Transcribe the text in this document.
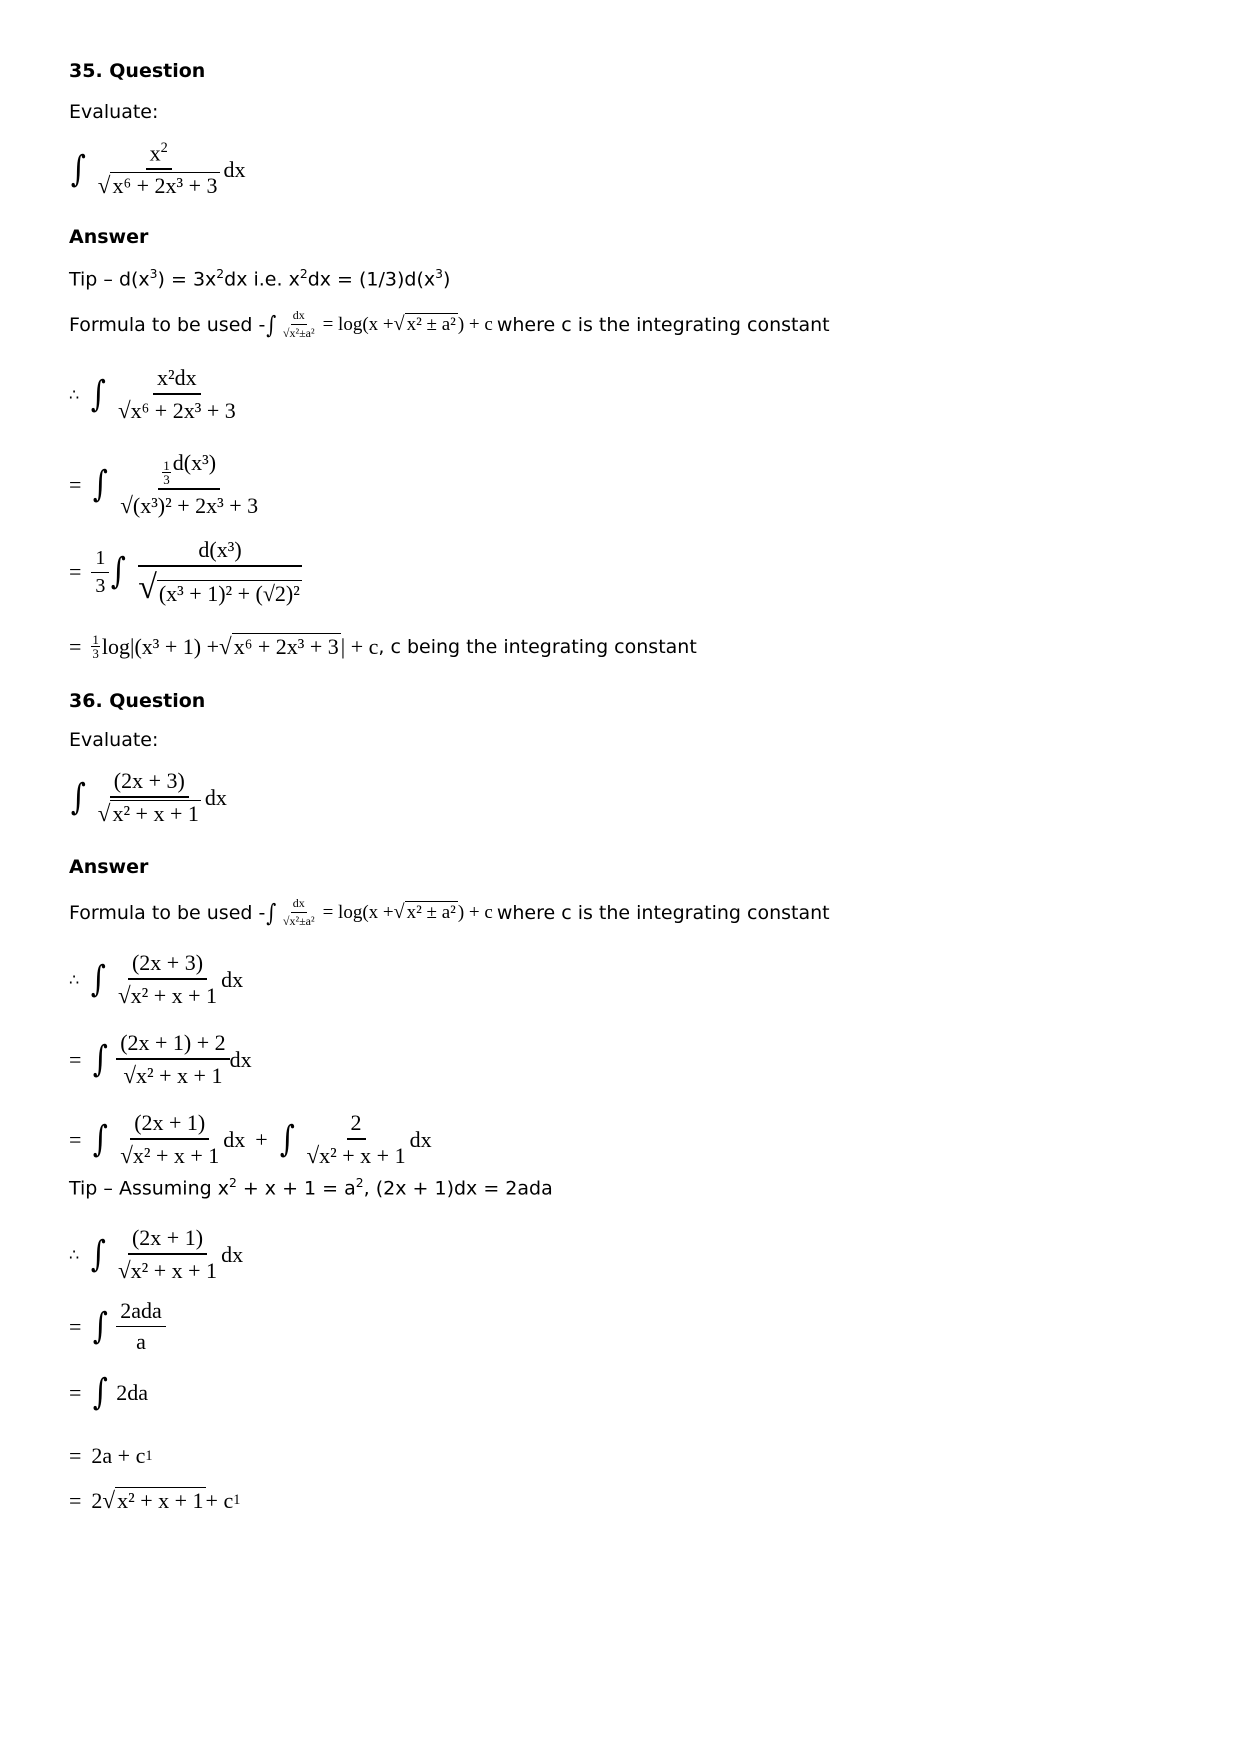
35. Question
Evaluate:
∫ $\frac{x^2}{\text{√ x⁶ + 2x³ + 3}}$ dx
Answer
Tip – $d(x^3) = 3x^2dx$ i.e. $x^2dx = (1/3)d(x^3)$
Formula to be used - ∫ $\frac{dx}{\text{√x²±a²}} = \log(x$ + √ x² ± a² ) + c where c is the integrating constant
∴ ∫ $\frac{\text{x²dx}}{\text{√ x⁶ + 2x³ + 3}}$
= ∫ $\frac{\frac{1}{3} d(x^3)}{\text{√ (x³)² + 2x³ + 3}}$
= $\frac{1}{3}$ ∫ $\frac{\text{d(x³)}}{\text{√ (x³ + 1)² + (√2)²}}$
= $\frac{1}{3} \log|(x^3 + 1)$ + √ x⁶ + 2x³ + 3 | + c , c being the integrating constant
36. Question
Evaluate:
∫ $\frac{(2x + 3)}{\text{√ x² + x + 1}}$ dx
Answer
Formula to be used - ∫ $\frac{dx}{\text{√x²±a²}} = \log(x$ + √ x² ± a² ) + c where c is the integrating constant
∴ ∫ $\frac{(2x + 3)}{\text{√ x² + x + 1}}$ dx
= ∫ $\frac{(2x + 1) + 2}{\text{√ x² + x + 1}}$ dx
= ∫ $\frac{(2x + 1)}{\text{√ x² + x + 1}}$ dx + ∫ $\frac{2}{\text{√ x² + x + 1}}$ dx
Tip – Assuming $x^2 + x + 1 = a^2$, (2x + 1)dx = 2ada
∴ ∫ $\frac{(2x + 1)}{\text{√ x² + x + 1}}$ dx
= ∫ $\frac{\text{2ada}}{a}$
= ∫ 2da
= 2a + c 1
= 2 √ x² + x + 1 + c 1
